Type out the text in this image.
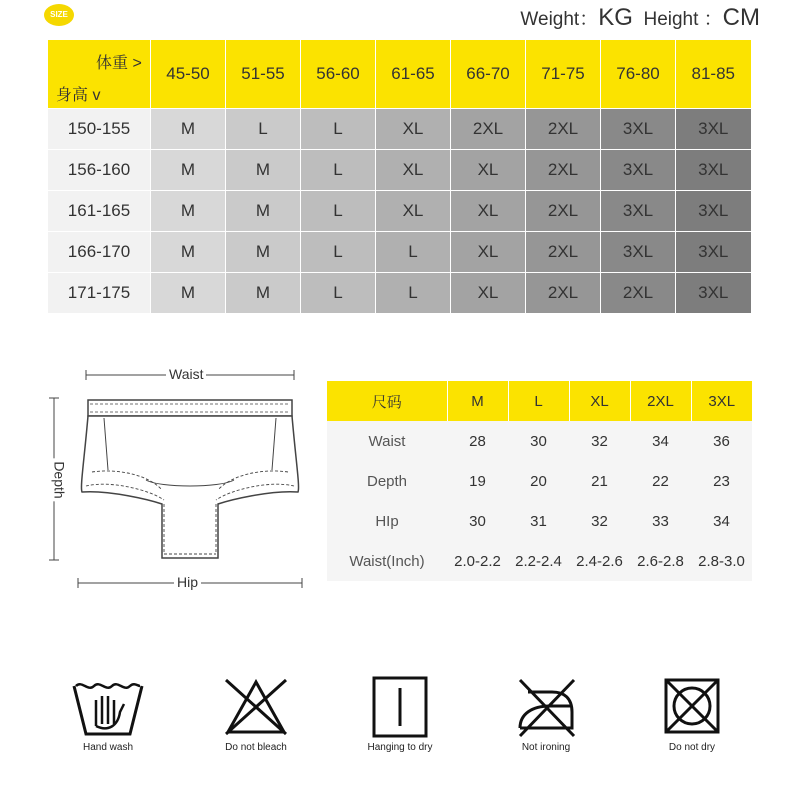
SIZE	Weight：KG Height ：CM
体重 >
身高 v	45-50	51-55	56-60	61-65	66-70	71-75	76-80	81-85
150-155	M	L	L	XL	2XL	2XL	3XL	3XL
156-160	M	M	L	XL	XL	2XL	3XL	3XL
161-165	M	M	L	XL	XL	2XL	3XL	3XL
166-170	M	M	L	L	XL	2XL	3XL	3XL
171-175	M	M	L	L	XL	2XL	2XL	3XL
Waist
Depth
Hip
尺码	M	L	XL	2XL	3XL
Waist	28	30	32	34	36
Depth	19	20	21	22	23
HIp	30	31	32	33	34
Waist(Inch)	2.0-2.2	2.2-2.4	2.4-2.6	2.6-2.8	2.8-3.0
Hand wash	Do not bleach	Hanging to dry	Not ironing	Do not dry
